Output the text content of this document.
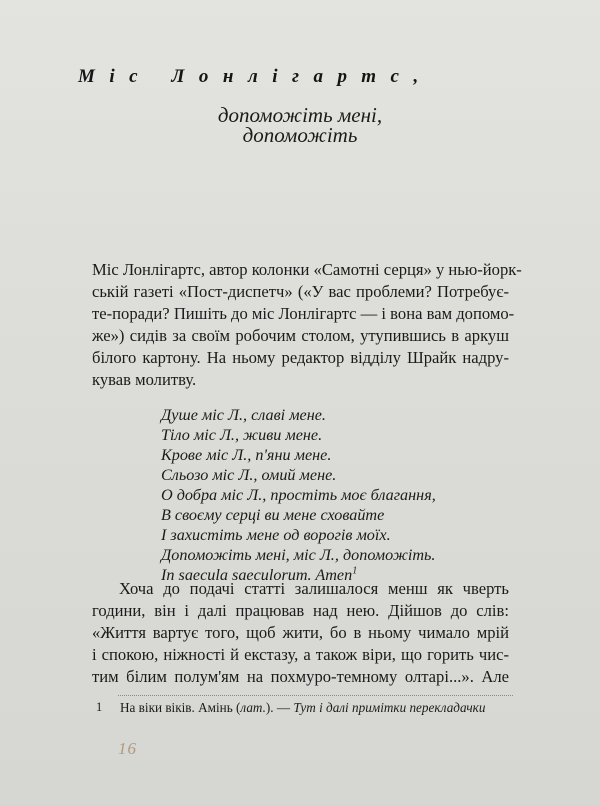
Міс Лонлігартс,
допоможіть мені,
допоможіть
Міс Лонлігартс, автор колонки «Самотні серця» у нью-йорк-
ській газеті «Пост-диспетч» («У вас проблеми? Потребує-
те-поради? Пишіть до міс Лонлігартс — і вона вам допомо-
же») сидів за своїм робочим столом, утупившись в аркуш
білого картону. На ньому редактор відділу Шрайк надру-
кував молитву.
Душе міс Л., славі мене.
Тіло міс Л., живи мене.
Крове міс Л., п'яни мене.
Сльозо міс Л., омий мене.
О добра міс Л., простіть моє благання,
В своєму серці ви мене сховайте
І захистіть мене од ворогів моїх.
Допоможіть мені, міс Л., допоможіть.
In saecula saeculorum. Amen$^1$
Хоча до подачі статті залишалося менш як чверть
години, він і далі працював над нею. Дійшов до слів:
«Життя вартує того, щоб жити, бо в ньому чимало мрій
і спокою, ніжності й екстазу, а також віри, що горить чис-
1 На віки віків. Амінь (лат.). — Тут і далі примітки перекладачки
16
тим білим полум'ям на похмуро-темному олтарі...». Але
